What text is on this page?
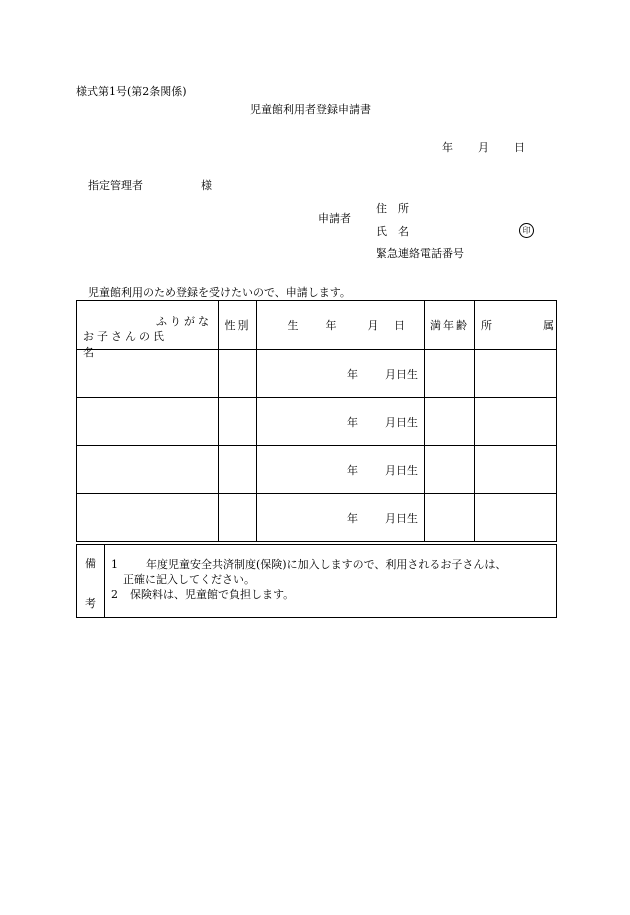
様式第1号(第2条関係)
児童館利用者登録申請書
年 月 日
指定管理者	様
申請者
住　所
氏　名	印
緊急連絡電話番号
児童館利用のため登録を受けたいので、申請します。
ふりがな
お子さんの氏名	性別	生 年 月 日	満年齢	所 属
		年 月日生		
		年 月日生		
		年 月日生		
		年 月日生		
備
考

1	年度児童安全共済制度(保険)に加入しますので、利用されるお子さんは、
正確に記入してください。
2 保険料は、児童館で負担します。
